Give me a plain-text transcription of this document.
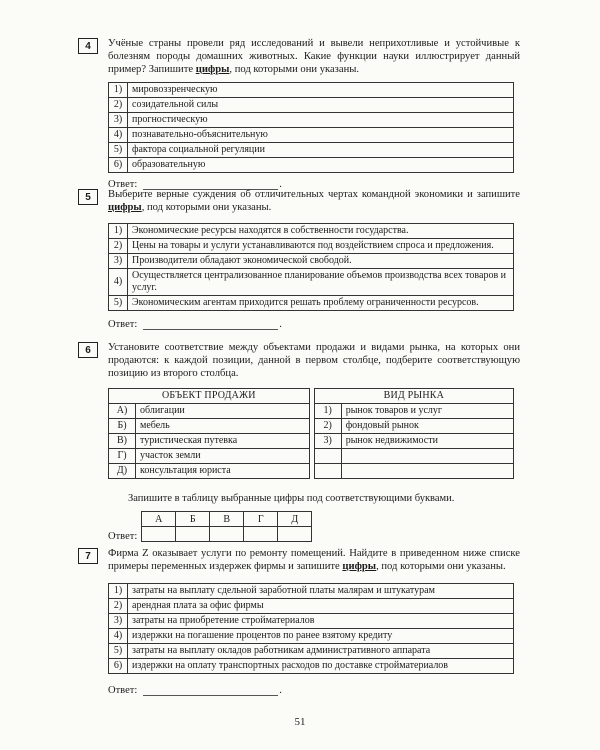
4	Учёные страны провели ряд исследований и вывели неприхотливые и устойчивые к болезням породы домашних животных. Какие функции науки иллюстрирует данный пример? Запишите цифры, под которыми они указаны.
1)	мировоззренческую
2)	созидательной силы
3)	прогностическую
4)	познавательно-объяснительную
5)	фактора социальной регуляции
6)	образовательную
Ответ:	.
5	Выберите верные суждения об отличительных чертах командной экономики и запишите цифры, под которыми они указаны.
1)	Экономические ресурсы находятся в собственности государства.
2)	Цены на товары и услуги устанавливаются под воздействием спроса и предложения.
3)	Производители обладают экономической свободой.
4)	Осуществляется централизованное планирование объемов производства всех товаров и услуг.
5)	Экономическим агентам приходится решать проблему ограниченности ресурсов.
Ответ:	.
6	Установите соответствие между объектами продажи и видами рынка, на которых они продаются: к каждой позиции, данной в первом столбце, подберите соответствующую позицию из второго столбца.
ОБЪЕКТ ПРОДАЖИ			ВИД РЫНКА	
А)	облигации		1)	рынок товаров и услуг
Б)	мебель		2)	фондовый рынок
В)	туристическая путевка		3)	рынок недвижимости
Г)	участок земли			
Д)	консультация юриста			
Запишите в таблицу выбранные цифры под соответствующими буквами.
Ответ:
А	Б	В	Г	Д

7	Фирма Z оказывает услуги по ремонту помещений. Найдите в приведенном ниже списке примеры переменных издержек фирмы и запишите цифры, под которыми они указаны.
1)	затраты на выплату сдельной заработной платы малярам и штукатурам
2)	арендная плата за офис фирмы
3)	затраты на приобретение стройматериалов
4)	издержки на погашение процентов по ранее взятому кредиту
5)	затраты на выплату окладов работникам административного аппарата
6)	издержки на оплату транспортных расходов по доставке стройматериалов
Ответ:	.
51
